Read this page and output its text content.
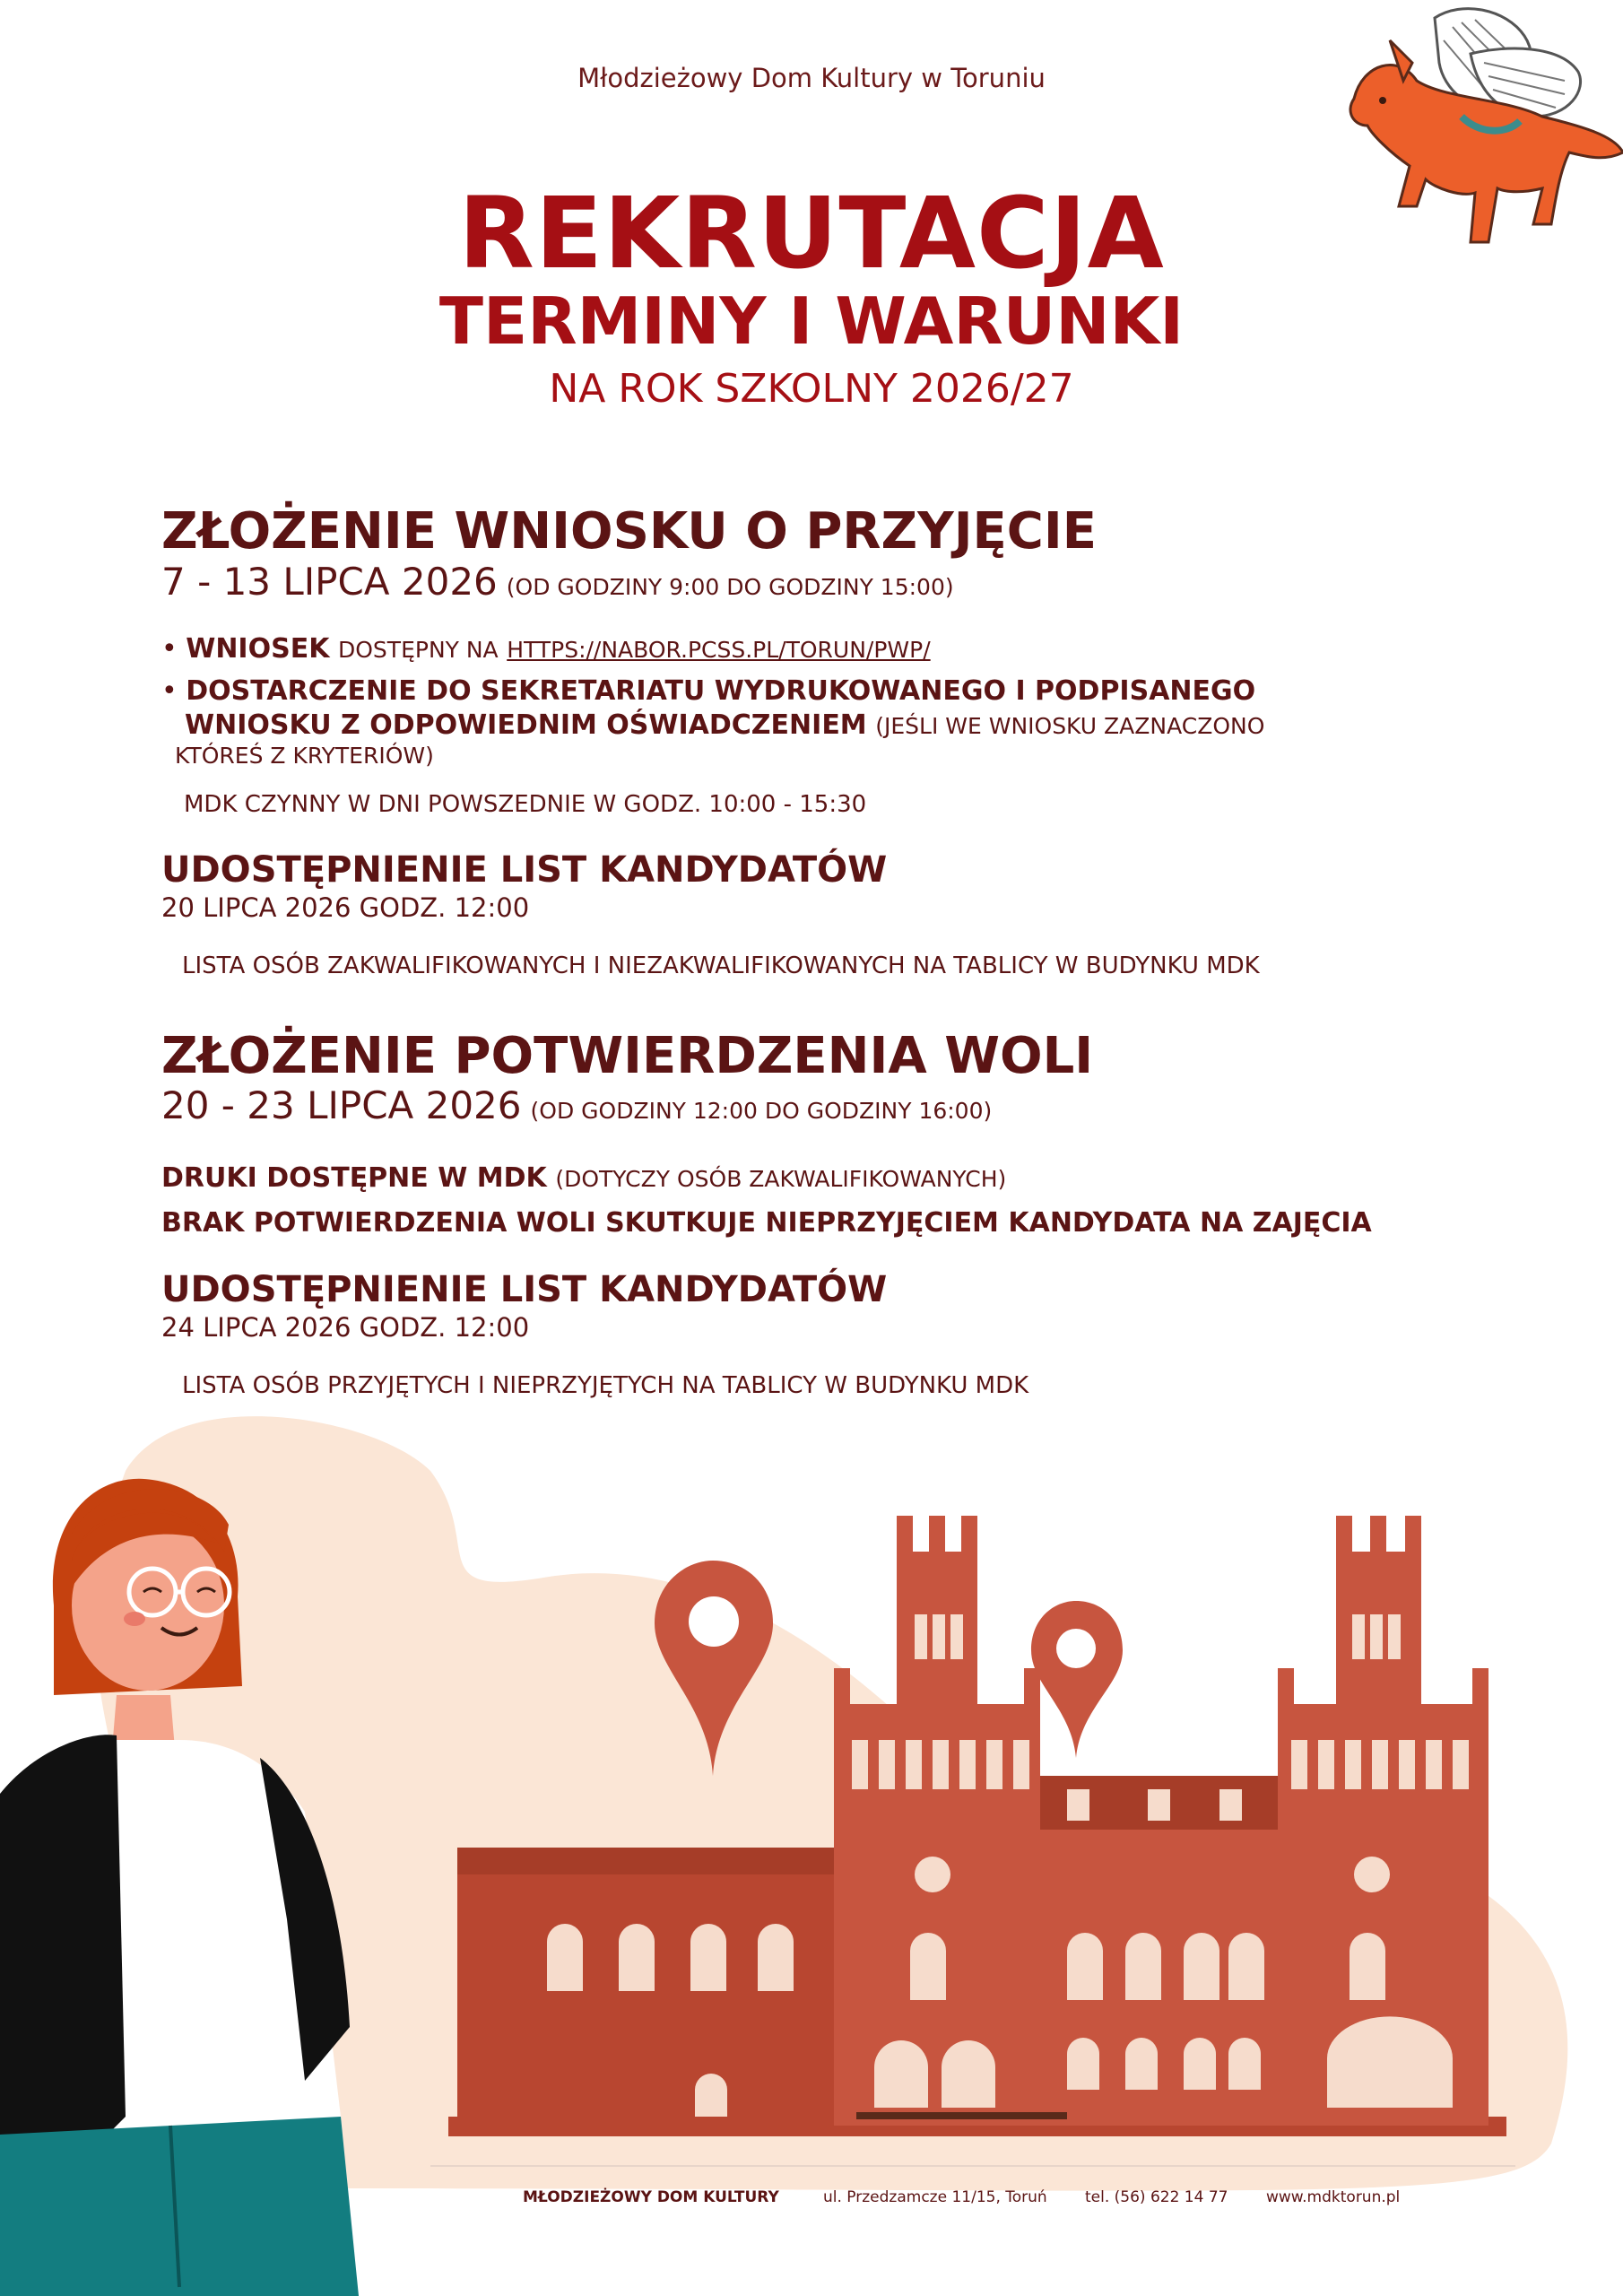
Młodzieżowy Dom Kultury w Toruniu
REKRUTACJA
TERMINY I WARUNKI
NA ROK SZKOLNY 2026/27
ZŁOŻENIE WNIOSKU O PRZYJĘCIE
7 - 13 LIPCA 2026 (OD GODZINY 9:00 DO GODZINY 15:00)
• WNIOSEK DOSTĘPNY NA HTTPS://NABOR.PCSS.PL/TORUN/PWP/
• DOSTARCZENIE DO SEKRETARIATU WYDRUKOWANEGO I PODPISANEGO
WNIOSKU Z ODPOWIEDNIM OŚWIADCZENIEM (JEŚLI WE WNIOSKU ZAZNACZONO
KTÓREŚ Z KRYTERIÓW)
MDK CZYNNY W DNI POWSZEDNIE W GODZ. 10:00 - 15:30
UDOSTĘPNIENIE LIST KANDYDATÓW
20 LIPCA 2026 GODZ. 12:00
LISTA OSÓB ZAKWALIFIKOWANYCH I NIEZAKWALIFIKOWANYCH NA TABLICY W BUDYNKU MDK
ZŁOŻENIE POTWIERDZENIA WOLI
20 - 23 LIPCA 2026 (OD GODZINY 12:00 DO GODZINY 16:00)
DRUKI DOSTĘPNE W MDK (DOTYCZY OSÓB ZAKWALIFIKOWANYCH)
BRAK POTWIERDZENIA WOLI SKUTKUJE NIEPRZYJĘCIEM KANDYDATA NA ZAJĘCIA
UDOSTĘPNIENIE LIST KANDYDATÓW
24 LIPCA 2026 GODZ. 12:00
LISTA OSÓB PRZYJĘTYCH I NIEPRZYJĘTYCH NA TABLICY W BUDYNKU MDK
MŁODZIEŻOWY DOM KULTURY	ul. Przedzamcze 11/15, Toruń tel. (56) 622 14 77	www.mdktorun.pl
